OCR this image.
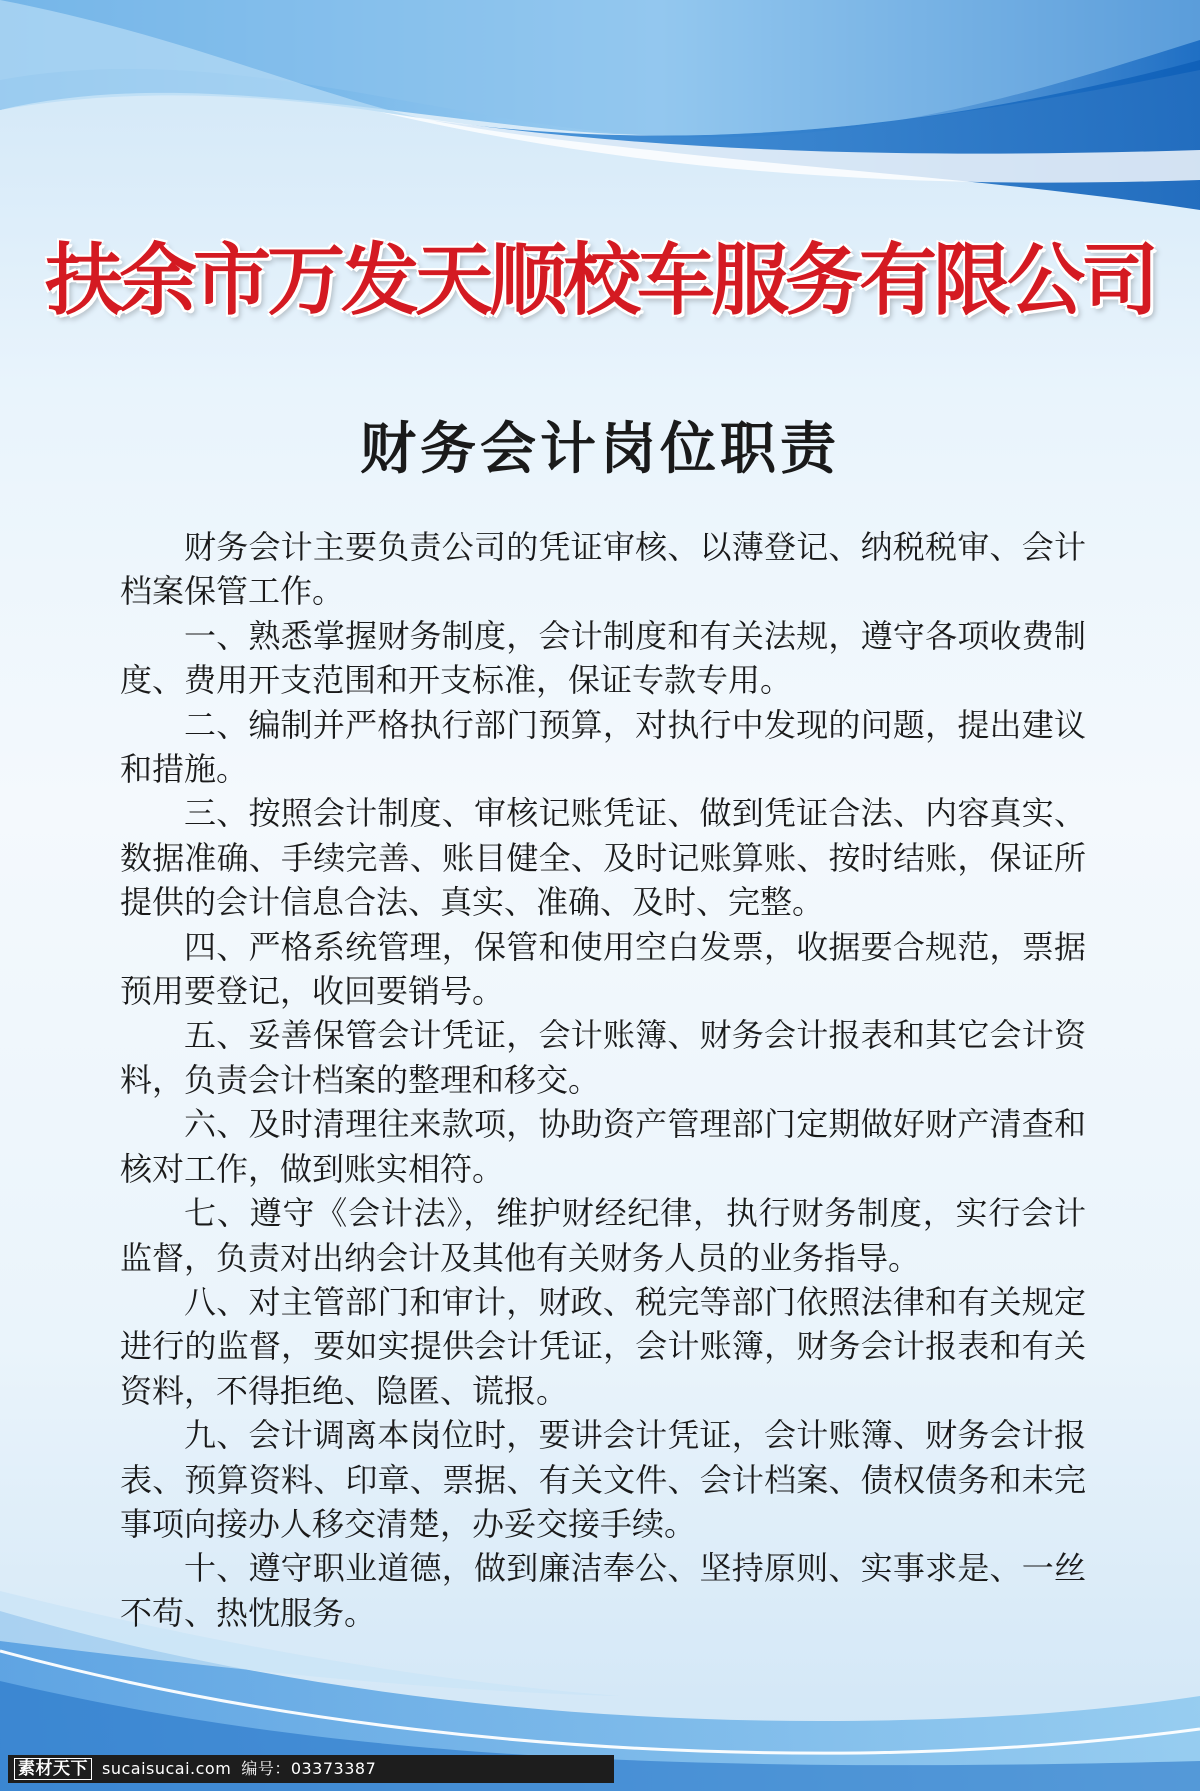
扶余市万发天顺校车服务有限公司
财务会计岗位职责

财务会计主要负责公司的凭证审核、以薄登记、纳税税审、会计档案保管工作。

一、熟悉掌握财务制度，会计制度和有关法规，遵守各项收费制度、费用开支范围和开支标准，保证专款专用。

二、编制并严格执行部门预算，对执行中发现的问题，提出建议和措施。

三、按照会计制度、审核记账凭证、做到凭证合法、内容真实、数据准确、手续完善、账目健全、及时记账算账、按时结账，保证所提供的会计信息合法、真实、准确、及时、完整。

四、严格系统管理，保管和使用空白发票，收据要合规范，票据预用要登记，收回要销号。

五、妥善保管会计凭证，会计账簿、财务会计报表和其它会计资料，负责会计档案的整理和移交。

六、及时清理往来款项，协助资产管理部门定期做好财产清查和核对工作，做到账实相符。

七、遵守《会计法》，维护财经纪律，执行财务制度，实行会计监督，负责对出纳会计及其他有关财务人员的业务指导。

八、对主管部门和审计，财政、税完等部门依照法律和有关规定进行的监督，要如实提供会计凭证，会计账簿，财务会计报表和有关资料，不得拒绝、隐匿、谎报。

九、会计调离本岗位时，要讲会计凭证，会计账簿、财务会计报表、预算资料、印章、票据、有关文件、会计档案、债权债务和未完事项向接办人移交清楚，办妥交接手续。

十、遵守职业道德，做到廉洁奉公、坚持原则、实事求是、一丝不苟、热忱服务。

素材天下 sucaisucai.com 编号：03373387
